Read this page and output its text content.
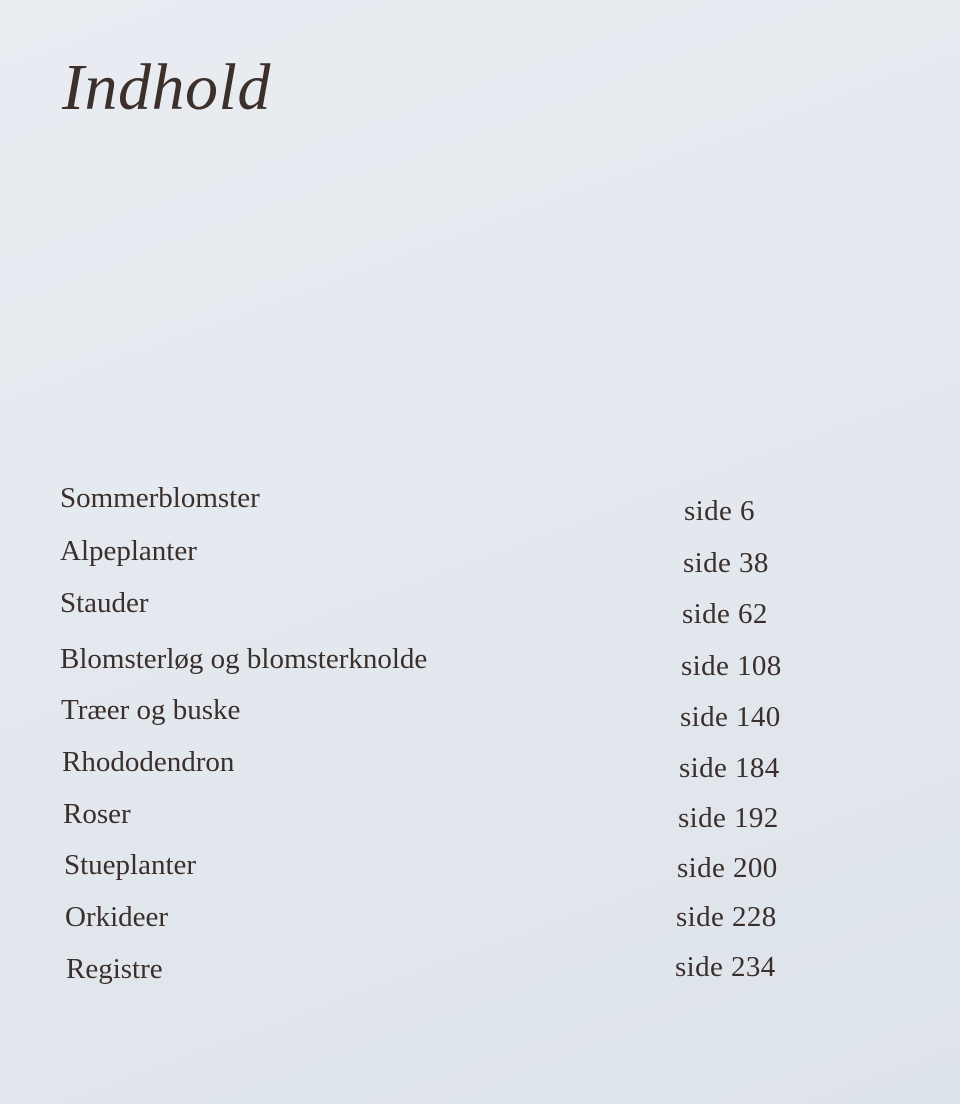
Indhold
Sommerblomster	side 6
Alpeplanter	side 38
Stauder	side 62
Blomsterløg og blomsterknolde	side 108
Træer og buske	side 140
Rhododendron	side 184
Roser	side 192
Stueplanter	side 200
Orkideer	side 228
Registre	side 234
